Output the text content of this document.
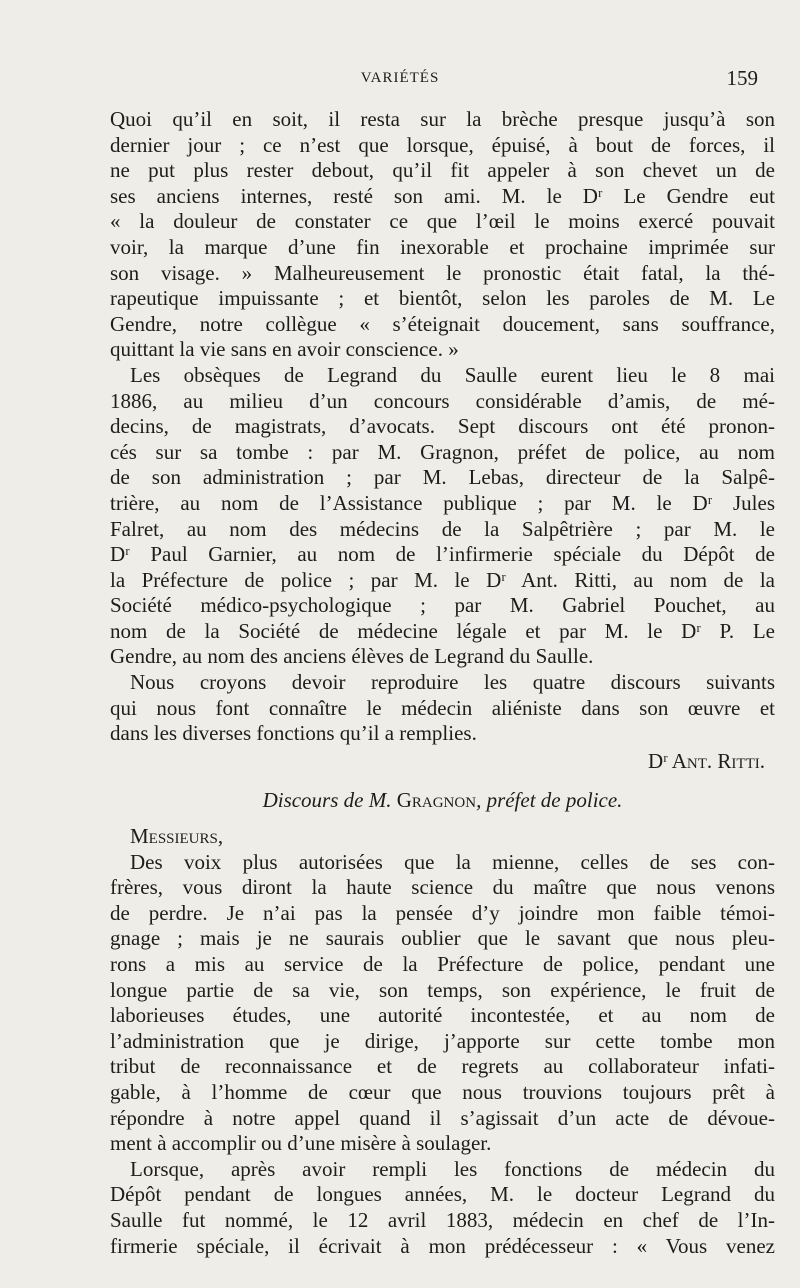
VARIÉTÉS	159

Quoi qu’il en soit, il resta sur la brèche presque jusqu’à son
dernier jour ; ce n’est que lorsque, épuisé, à bout de forces, il
ne put plus rester debout, qu’il fit appeler à son chevet un de
ses anciens internes, resté son ami. M. le Dʳ Le Gendre eut
« la douleur de constater ce que l’œil le moins exercé pouvait
voir, la marque d’une fin inexorable et prochaine imprimée sur
son visage. » Malheureusement le pronostic était fatal, la thé-
rapeutique impuissante ; et bientôt, selon les paroles de M. Le
Gendre, notre collègue « s’éteignait doucement, sans souffrance,
quittant la vie sans en avoir conscience. »

Les obsèques de Legrand du Saulle eurent lieu le 8 mai

1886, au milieu d’un concours considérable d’amis, de mé-
decins, de magistrats, d’avocats. Sept discours ont été pronon-
cés sur sa tombe : par M. Gragnon, préfet de police, au nom
de son administration ; par M. Lebas, directeur de la Salpê-
trière, au nom de l’Assistance publique ; par M. le Dʳ Jules
Falret, au nom des médecins de la Salpêtrière ; par M. le
Dʳ Paul Garnier, au nom de l’infirmerie spéciale du Dépôt de
la Préfecture de police ; par M. le Dʳ Ant. Ritti, au nom de la
Société médico-psychologique ; par M. Gabriel Pouchet, au
nom de la Société de médecine légale et par M. le Dʳ P. Le
Gendre, au nom des anciens élèves de Legrand du Saulle.

Nous croyons devoir reproduire les quatre discours suivants

qui nous font connaître le médecin aliéniste dans son œuvre et
dans les diverses fonctions qu’il a remplies.

Dʳ Ant. Ritti.

Discours de M. Gragnon, préfet de police.

Messieurs,

Des voix plus autorisées que la mienne, celles de ses con-

frères, vous diront la haute science du maître que nous venons
de perdre. Je n’ai pas la pensée d’y joindre mon faible témoi-
gnage ; mais je ne saurais oublier que le savant que nous pleu-
rons a mis au service de la Préfecture de police, pendant une
longue partie de sa vie, son temps, son expérience, le fruit de
laborieuses études, une autorité incontestée, et au nom de
l’administration que je dirige, j’apporte sur cette tombe mon
tribut de reconnaissance et de regrets au collaborateur infati-
gable, à l’homme de cœur que nous trouvions toujours prêt à
répondre à notre appel quand il s’agissait d’un acte de dévoue-
ment à accomplir ou d’une misère à soulager.

Lorsque, après avoir rempli les fonctions de médecin du

Dépôt pendant de longues années, M. le docteur Legrand du
Saulle fut nommé, le 12 avril 1883, médecin en chef de l’In-
firmerie spéciale, il écrivait à mon prédécesseur : « Vous venez
